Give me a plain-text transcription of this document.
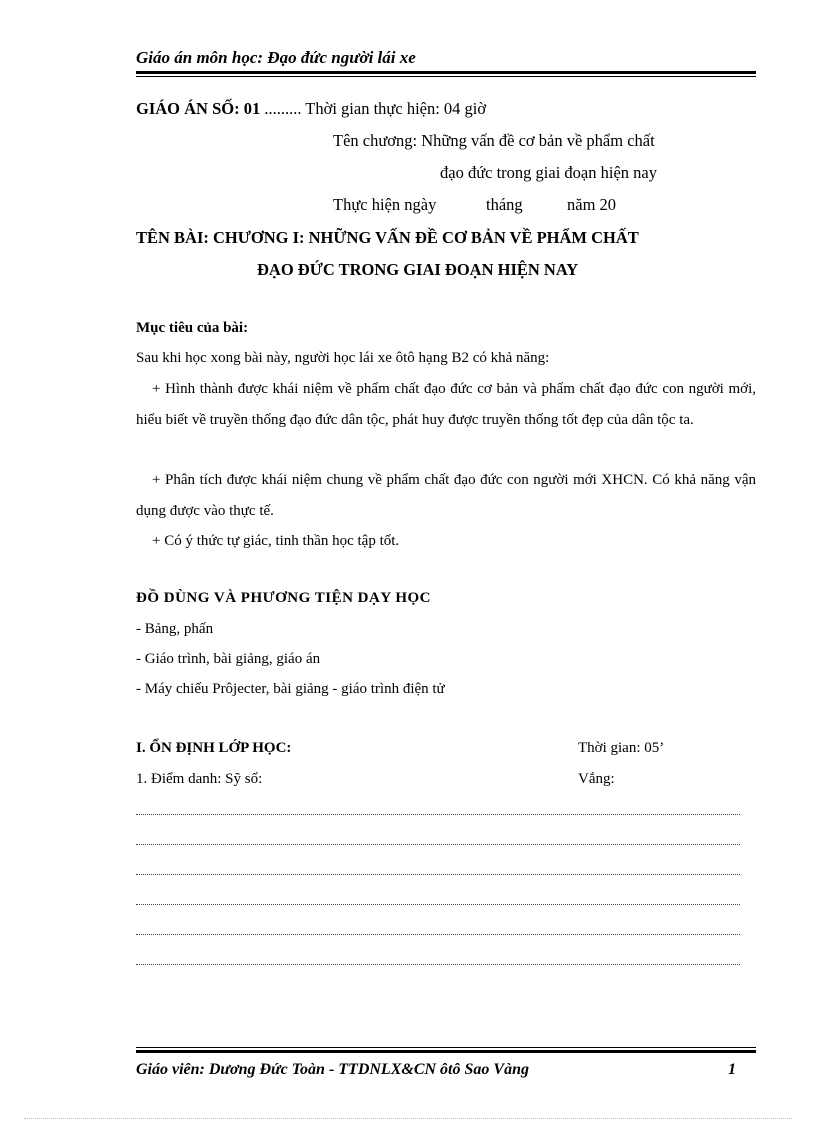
Giáo án môn học: Đạo đức người lái xe
GIÁO ÁN SỐ: 01 ......... Thời gian thực hiện: 04 giờ
Tên chương: Những vấn đề cơ bản về phẩm chất
đạo đức trong giai đoạn hiện nay
Thực hiện ngày	tháng	năm 20
TÊN BÀI: CHƯƠNG I: NHỮNG VẤN ĐỀ CƠ BẢN VỀ PHẨM CHẤT
ĐẠO ĐỨC TRONG GIAI ĐOẠN HIỆN NAY
Mục tiêu của bài:
Sau khi học xong bài này, người học lái xe ôtô hạng B2 có khả năng:
+ Hình thành được khái niệm về phẩm chất đạo đức cơ bản và phẩm chất đạo đức con người mới, hiểu biết về truyền thống đạo đức dân tộc, phát huy được truyền thống tốt đẹp của dân tộc ta.
+ Phân tích được khái niệm chung về phẩm chất đạo đức con người mới XHCN. Có khả năng vận dụng được vào thực tế.
+ Có ý thức tự giác, tinh thần học tập tốt.
ĐỒ DÙNG VÀ PHƯƠNG TIỆN DẠY HỌC
- Bảng, phấn
- Giáo trình, bài giảng, giáo án
- Máy chiếu Prôjecter, bài giảng - giáo trình điện tử
I. ỔN ĐỊNH LỚP HỌC:	Thời gian: 05’
1. Điểm danh: Sỹ số:	Vắng:
Giáo viên: Dương Đức Toàn - TTDNLX&CN ôtô Sao Vàng	1
